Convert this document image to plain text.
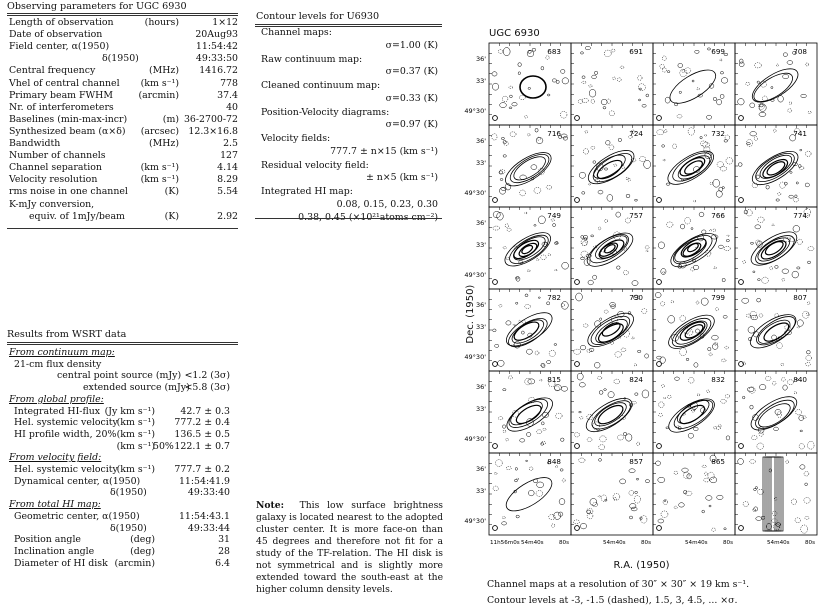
Observing parameters for UGC 6930
Length of observation	(hours)	1×12
Date of observation	20Aug93
Field center, α(1950)	11:54:42
δ(1950)	49:33:50
Central frequency	(MHz) 1416.72
Vhel of central channel	(km s⁻¹)	778
Primary beam FWHM	(arcmin)	37.4
Nr. of interferometers	40
Baselines (min-max-incr)	(m) 36-2700-72
Synthesized beam (α×δ)	(arcsec) 12.3×16.8
Bandwidth	(MHz)	2.5
Number of channels	127
Channel separation	(km s⁻¹)	4.14
Velocity resolution	(km s⁻¹)	8.29
rms noise in one channel	(K)	5.54
K-mJy conversion,
equiv. of 1mJy/beam	(K)	2.92
Contour levels for U6930
Channel maps:
σ=1.00 (K)
Raw continuum map:
σ=0.37 (K)
Cleaned continuum map:
σ=0.33 (K)
Position-Velocity diagrams:
σ=0.97 (K)
Velocity fields:
777.7 ± n×15 (km s⁻¹)
Residual velocity field:
± n×5 (km s⁻¹)
Integrated HI map:
0.08, 0.15, 0.23, 0.30
0.38, 0.45 (×10²¹atoms cm⁻²)
Results from WSRT data
From continuum map:
21-cm flux density
central point source (mJy) <1.2 (3σ)
extended source (mJy)
<5.8 (3σ)
From global profile:
Integrated HI-flux (Jy km s⁻¹)	42.7 ± 0.3
Hel. systemic velocity
(km s⁻¹) 777.2 ± 0.4
HI profile width, 20% (km s⁻¹) 136.5 ± 0.5
50%
(km s⁻¹) 122.1 ± 0.7
From velocity field:
Hel. systemic velocity
(km s⁻¹) 777.7 ± 0.2
Dynamical center, α(1950)	11:54:41.9
δ(1950)	49:33:40
From total HI map:
Geometric center, α(1950)	11:54:43.1
δ(1950)	49:33:44
Position angle	(deg)	31
Inclination angle	(deg)	28
Diameter of HI disk (arcmin)	6.4
Note: This low surface brightness galaxy is located nearest to the adopted cluster center. It is more face-on than 45 degrees and therefore not fit for a study of the TF-relation. The HI disk is not symmetrical and is slightly more extended toward the south-east at the higher column density levels.
UGC 6930
Dec. (1950)
R.A. (1950)
36'
33'
49°30'
36'
33'
49°30'
36'
33'
49°30'
36'
33'
49°30'
36'
33'
49°30'
36'
33'
49°30'
11h56m0s 54m40s	80s	54m40s	80s	54m40s	80s	54m40s	80s
683	691	699	708
716	724	732	741
749	757	766	774
782	790	799	807
815	824	832	840
848	857	865
Channel maps at a resolution of 30″ × 30″ × 19 km s⁻¹.
Contour levels at -3, -1.5 (dashed), 1.5, 3, 4.5, ... ×σ.
